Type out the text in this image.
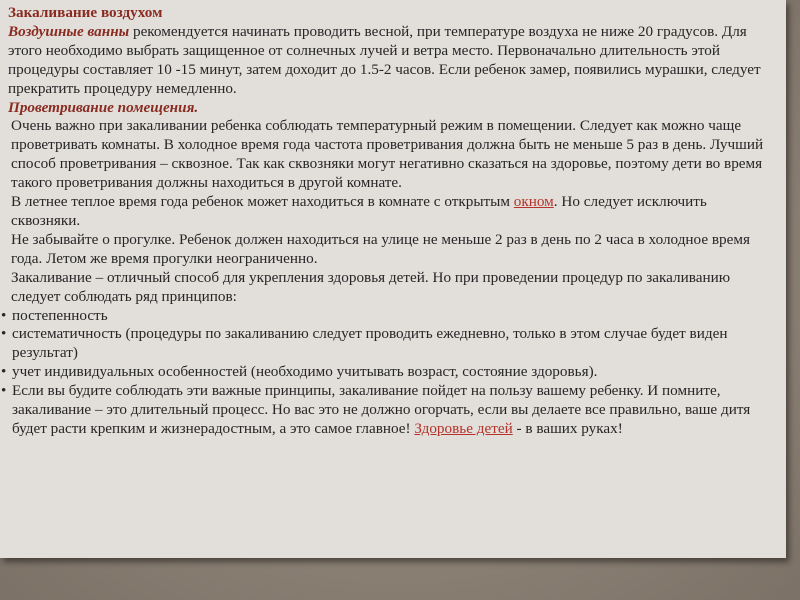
Закаливание воздухом

Воздушные ванны рекомендуется начинать проводить весной, при температуре воздуха не ниже 20 градусов. Для этого необходимо выбрать защищенное от солнечных лучей и ветра место. Первоначально длительность этой процедуры составляет 10 -15 минут, затем доходит до 1.5-2 часов. Если ребенок замер, появились мурашки, следует прекратить процедуру немедленно.

Проветривание помещения.

Очень важно при закаливании ребенка соблюдать температурный режим в помещении. Следует как можно чаще проветривать комнаты. В холодное время года частота проветривания должна быть не меньше 5 раз в день. Лучший способ проветривания – сквозное. Так как сквозняки могут негативно сказаться на здоровье, поэтому дети во время такого проветривания должны находиться в другой комнате.

В летнее теплое время года ребенок может находиться в комнате с открытым окном. Но следует исключить сквозняки.

Не забывайте о прогулке. Ребенок должен находиться на улице не меньше 2 раз в день по 2 часа в холодное время года. Летом же время прогулки неограниченно.

Закаливание – отличный способ для укрепления здоровья детей. Но при проведении процедур по закаливанию следует соблюдать ряд принципов:

• постепенность

• систематичность (процедуры по закаливанию следует проводить ежедневно, только в этом случае будет виден результат)

• учет индивидуальных особенностей (необходимо учитывать возраст, состояние здоровья).

• Если вы будите соблюдать эти важные принципы, закаливание пойдет на пользу вашему ребенку. И помните, закаливание – это длительный процесс. Но вас это не должно огорчать, если вы делаете все правильно, ваше дитя будет расти крепким и жизнерадостным, а это самое главное! Здоровье детей - в ваших руках!
